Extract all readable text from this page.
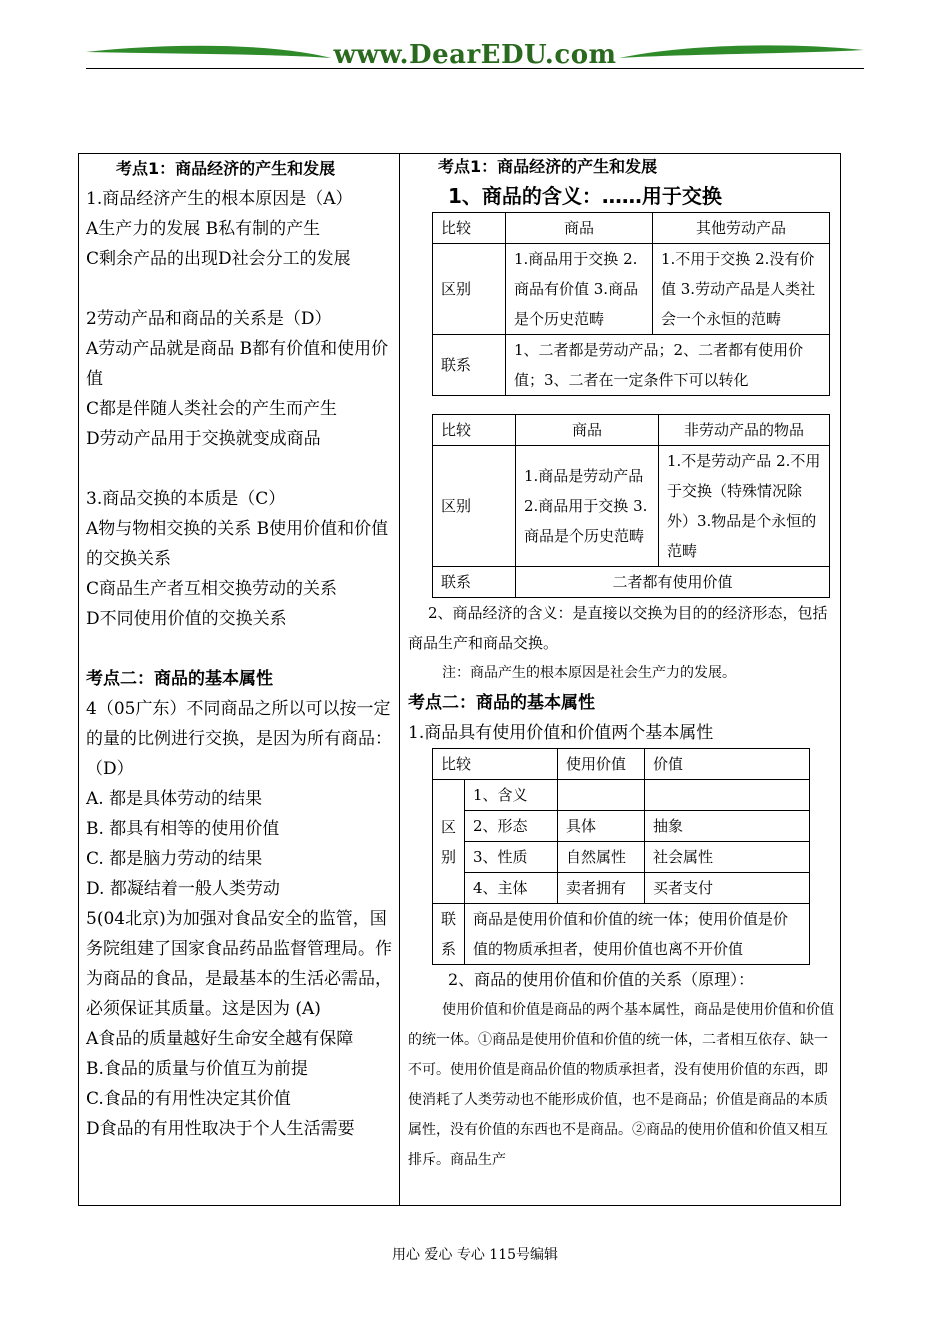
www.DearEDU.com
考点1：商品经济的产生和发展
1.商品经济产生的根本原因是（A）
A生产力的发展 B私有制的产生
C剩余产品的出现D社会分工的发展
2劳动产品和商品的关系是（D）
A劳动产品就是商品 B都有价值和使用价值
C都是伴随人类社会的产生而产生
D劳动产品用于交换就变成商品
3.商品交换的本质是（C）
A物与物相交换的关系 B使用价值和价值的交换关系
C商品生产者互相交换劳动的关系
D不同使用价值的交换关系
考点二：商品的基本属性
4（05广东）不同商品之所以可以按一定的量的比例进行交换，是因为所有商品：（D）
A. 都是具体劳动的结果
B. 都具有相等的使用价值
C. 都是脑力劳动的结果
D. 都凝结着一般人类劳动
5(04北京)为加强对食品安全的监管，国务院组建了国家食品药品监督管理局。作为商品的食品，是最基本的生活必需品，必须保证其质量。这是因为 (A)
A食品的质量越好生命安全越有保障
B.食品的质量与价值互为前提
C.食品的有用性决定其价值
D食品的有用性取决于个人生活需要
考点1：商品经济的产生和发展
1、商品的含义：……用于交换
比较	商品	其他劳动产品
区别	1.商品用于交换 2.商品有价值 3.商品是个历史范畴	1.不用于交换 2.没有价值 3.劳动产品是人类社会一个永恒的范畴
联系	1、二者都是劳动产品；2、二者都有使用价值；3、二者在一定条件下可以转化	
比较	商品	非劳动产品的物品
区别	1.商品是劳动产品 2.商品用于交换 3.商品是个历史范畴	1.不是劳动产品 2.不用于交换（特殊情况除外）3.物品是个永恒的范畴
联系	二者都有使用价值	
2、商品经济的含义：是直接以交换为目的的经济形态，包括商品生产和商品交换。
注：商品产生的根本原因是社会生产力的发展。
考点二：商品的基本属性
1.商品具有使用价值和价值两个基本属性
比较		使用价值	价值
区别	1、含义		
	2、形态	具体	抽象
	3、性质	自然属性	社会属性
	4、主体	卖者拥有	买者支付
联系	商品是使用价值和价值的统一体；使用价值是价值的物质承担者，使用价值也离不开价值		
2、商品的使用价值和价值的关系（原理）：
使用价值和价值是商品的两个基本属性，商品是使用价值和价值的统一体。①商品是使用价值和价值的统一体，二者相互依存、缺一不可。使用价值是商品价值的物质承担者，没有使用价值的东西，即使消耗了人类劳动也不能形成价值，也不是商品；价值是商品的本质属性，没有价值的东西也不是商品。②商品的使用价值和价值又相互排斥。商品生产
用心 爱心 专心 115号编辑
